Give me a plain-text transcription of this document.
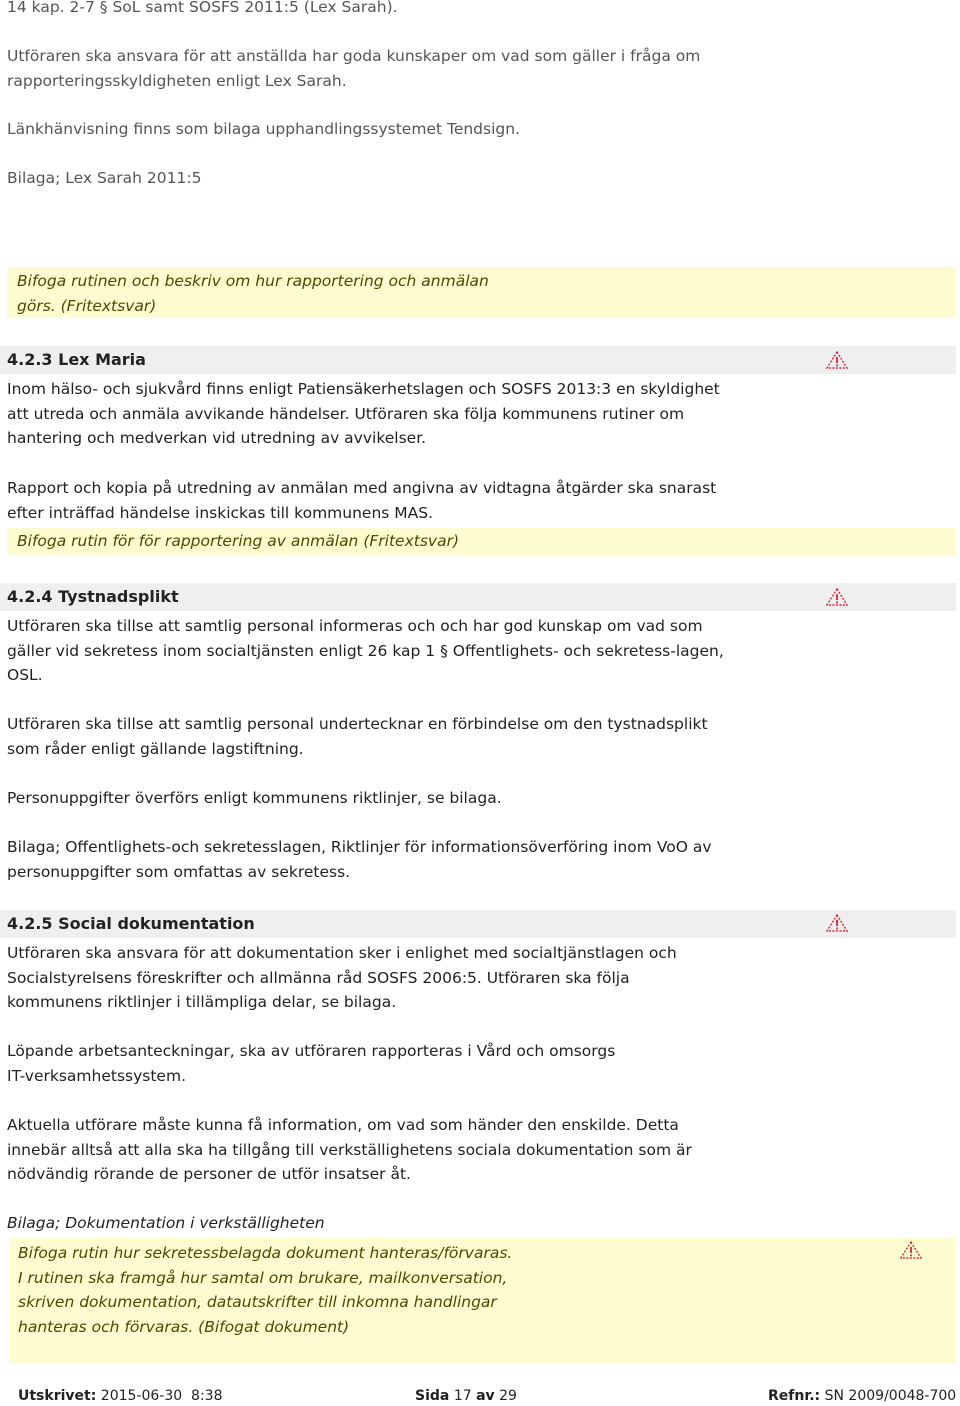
14 kap. 2-7 § SoL samt SOSFS 2011:5 (Lex Sarah).
Utföraren ska ansvara för att anställda har goda kunskaper om vad som gäller i fråga om
rapporteringsskyldigheten enligt Lex Sarah.
Länkhänvisning finns som bilaga upphandlingssystemet Tendsign.
Bilaga; Lex Sarah 2011:5
Bifoga rutinen och beskriv om hur rapportering och anmälan
görs. (Fritextsvar)
4.2.3 Lex Maria
Inom hälso- och sjukvård finns enligt Patiensäkerhetslagen och SOSFS 2013:3 en skyldighet
att utreda och anmäla avvikande händelser. Utföraren ska följa kommunens rutiner om
hantering och medverkan vid utredning av avvikelser.
Rapport och kopia på utredning av anmälan med angivna av vidtagna åtgärder ska snarast
efter inträffad händelse inskickas till kommunens MAS.
Bifoga rutin för för rapportering av anmälan (Fritextsvar)
4.2.4 Tystnadsplikt
Utföraren ska tillse att samtlig personal informeras och och har god kunskap om vad som
gäller vid sekretess inom socialtjänsten enligt 26 kap 1 § Offentlighets- och sekretess-lagen,
OSL.
Utföraren ska tillse att samtlig personal undertecknar en förbindelse om den tystnadsplikt
som råder enligt gällande lagstiftning.
Personuppgifter överförs enligt kommunens riktlinjer, se bilaga.
Bilaga; Offentlighets-och sekretesslagen, Riktlinjer för informationsöverföring inom VoO av
personuppgifter som omfattas av sekretess.
4.2.5 Social dokumentation
Utföraren ska ansvara för att dokumentation sker i enlighet med socialtjänstlagen och
Socialstyrelsens föreskrifter och allmänna råd SOSFS 2006:5. Utföraren ska följa
kommunens riktlinjer i tillämpliga delar, se bilaga.
Löpande arbetsanteckningar, ska av utföraren rapporteras i Vård och omsorgs
IT-verksamhetssystem.
Aktuella utförare måste kunna få information, om vad som händer den enskilde. Detta
innebär alltså att alla ska ha tillgång till verkställighetens sociala dokumentation som är
nödvändig rörande de personer de utför insatser åt.
Bilaga; Dokumentation i verkställigheten
Bifoga rutin hur sekretessbelagda dokument hanteras/förvaras.
I rutinen ska framgå hur samtal om brukare, mailkonversation,
skriven dokumentation, datautskrifter till inkomna handlingar
hanteras och förvaras. (Bifogat dokument)
Utskrivet: 2015-06-30  8:38	Sida 17 av 29	Refnr.: SN 2009/0048-700
